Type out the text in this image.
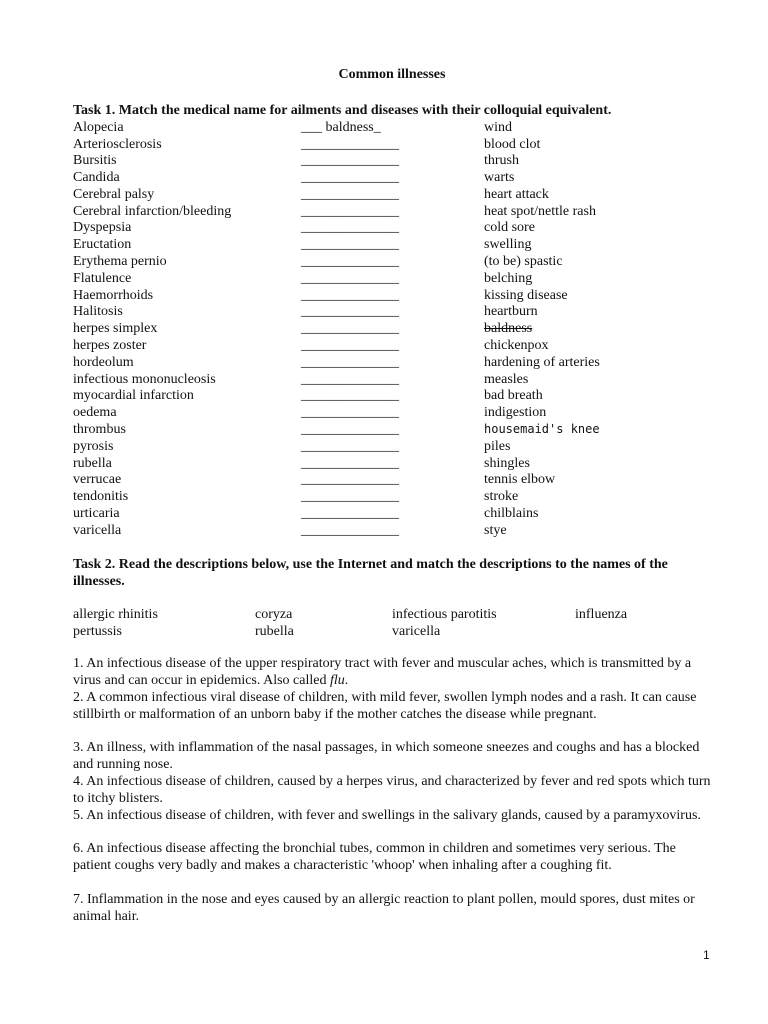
Common illnesses
Task 1. Match the medical name for ailments and diseases with their colloquial equivalent.
Alopecia	___ baldness_	wind
Arteriosclerosis	______________	blood clot
Bursitis	______________	thrush
Candida	______________	warts
Cerebral palsy	______________	heart attack
Cerebral infarction/bleeding	______________	heat spot/nettle rash
Dyspepsia	______________	cold sore
Eructation	______________	swelling
Erythema pernio	______________	(to be) spastic
Flatulence	______________	belching
Haemorrhoids	______________	kissing disease
Halitosis	______________	heartburn
herpes simplex	______________	baldness
herpes zoster	______________	chickenpox
hordeolum	______________	hardening of arteries
infectious mononucleosis	______________	measles
myocardial infarction	______________	bad breath
oedema	______________	indigestion
thrombus	______________	housemaid's knee
pyrosis	______________	piles
rubella	______________	shingles
verrucae	______________	tennis elbow
tendonitis	______________	stroke
urticaria	______________	chilblains
varicella	______________	stye
Task 2. Read the descriptions below, use the Internet and match the descriptions to the names of the illnesses.
allergic rhinitis	coryza	infectious parotitis	influenza
pertussis	rubella	varicella
1. An infectious disease of the upper respiratory tract with fever and muscular aches, which is transmitted by a virus and can occur in epidemics. Also called flu.
2. A common infectious viral disease of children, with mild fever, swollen lymph nodes and a rash. It can cause stillbirth or malformation of an unborn baby if the mother catches the disease while pregnant.
3. An illness, with inflammation of the nasal passages, in which someone sneezes and coughs and has a blocked and running nose.
4. An infectious disease of children, caused by a herpes virus, and characterized by fever and red spots which turn to itchy blisters.
5. An infectious disease of children, with fever and swellings in the salivary glands, caused by a paramyxovirus.
6. An infectious disease affecting the bronchial tubes, common in children and sometimes very serious. The patient coughs very badly and makes a characteristic 'whoop' when inhaling after a coughing fit.
7. Inflammation in the nose and eyes caused by an allergic reaction to plant pollen, mould spores, dust mites or animal hair.
1
